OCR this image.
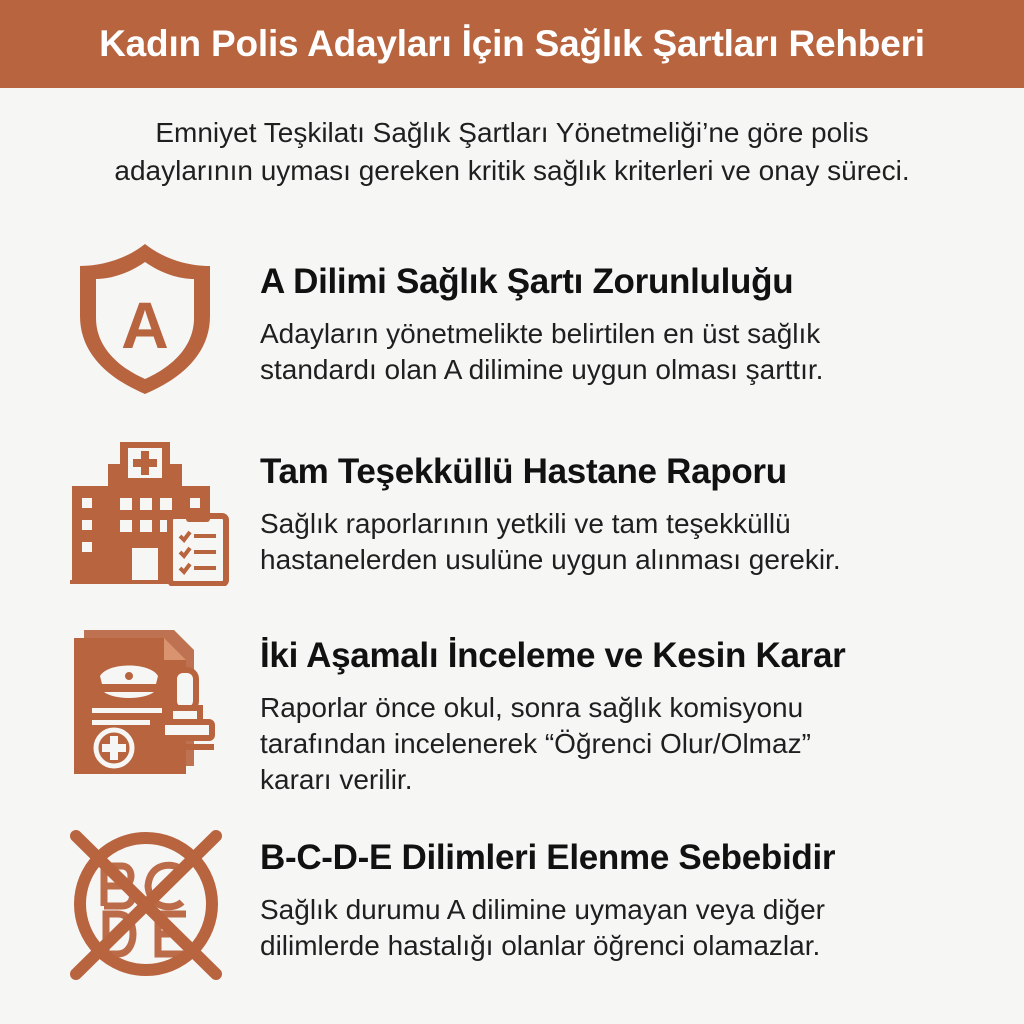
Kadın Polis Adayları İçin Sağlık Şartları Rehberi
Emniyet Teşkilatı Sağlık Şartları Yönetmeliği’ne göre polis
adaylarının uyması gereken kritik sağlık kriterleri ve onay süreci.
A
A Dilimi Sağlık Şartı Zorunluluğu
Adayların yönetmelikte belirtilen en üst sağlık
standardı olan A dilimine uygun olması şarttır.
Tam Teşekküllü Hastane Raporu
Sağlık raporlarının yetkili ve tam teşekküllü
hastanelerden usulüne uygun alınması gerekir.
İki Aşamalı İnceleme ve Kesin Karar
Raporlar önce okul, sonra sağlık komisyonu
tarafından incelenerek “Öğrenci Olur/Olmaz”
kararı verilir.
B-C-D-E Dilimleri Elenme Sebebidir
Sağlık durumu A dilimine uymayan veya diğer
dilimlerde hastalığı olanlar öğrenci olamazlar.
